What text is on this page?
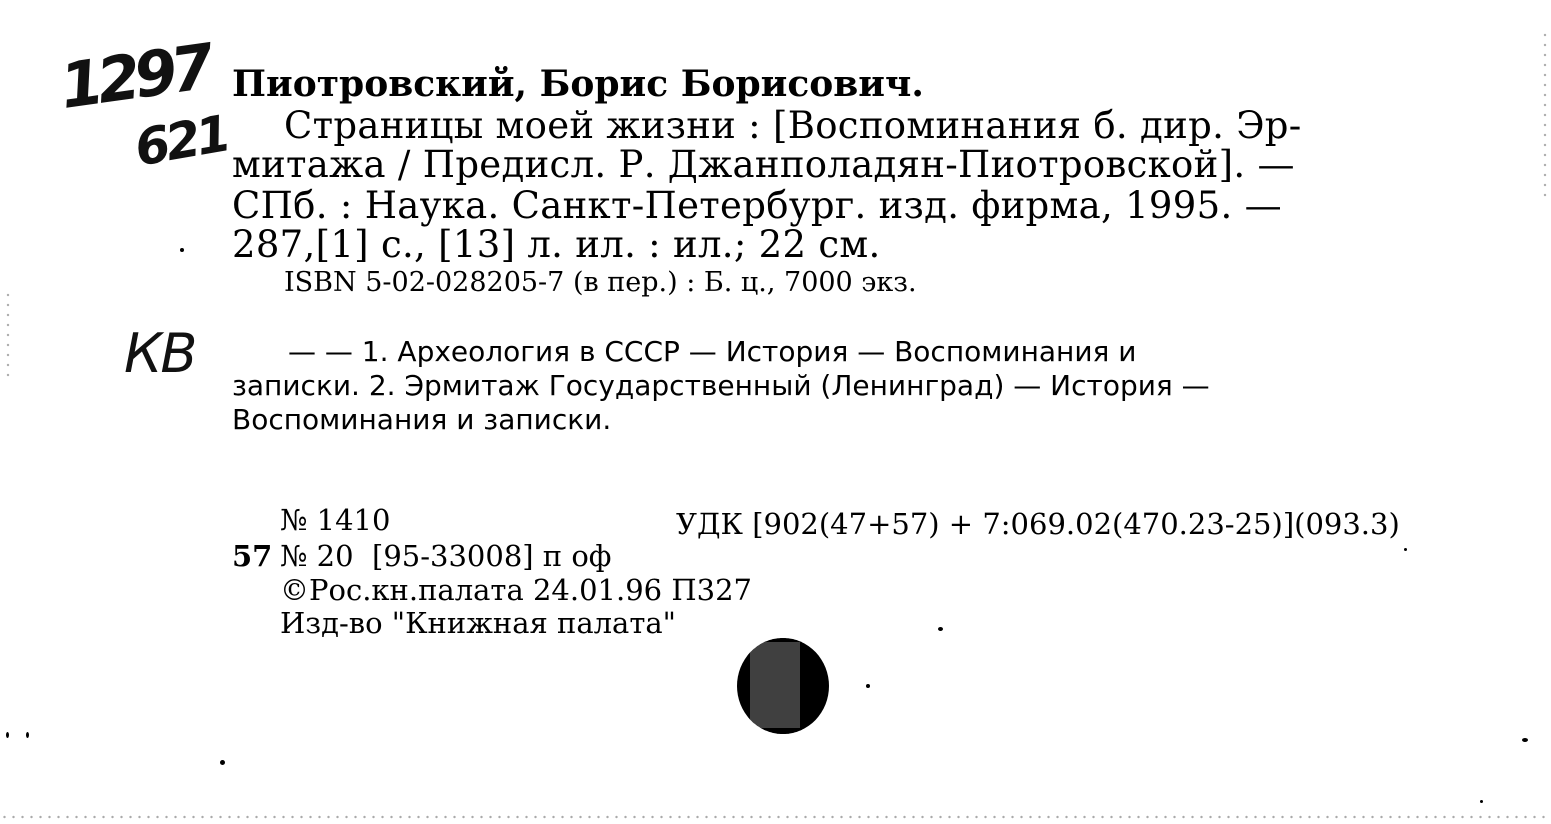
1297
621
КВ
Пиотровский, Борис Борисович.
Страницы моей жизни : [Воспоминания б. дир. Эр-
митажа / Предисл. Р. Джанполадян-Пиотровской]. —
СПб. : Наука. Санкт-Петербург. изд. фирма, 1995. —
287,[1] с., [13] л. ил. : ил.; 22 см.
ISBN 5-02-028205-7 (в пер.) : Б. ц., 7000 экз.
— — 1. Археология в СССР — История — Воспоминания и
записки. 2. Эрмитаж Государственный (Ленинград) — История —
Воспоминания и записки.
№ 1410	УДК [902(47+57) + 7:069.02(470.23-25)](093.3)
57 № 20  [95-33008] п оф
©Рос.кн.палата 24.01.96 П327
Изд-во "Книжная палата"
